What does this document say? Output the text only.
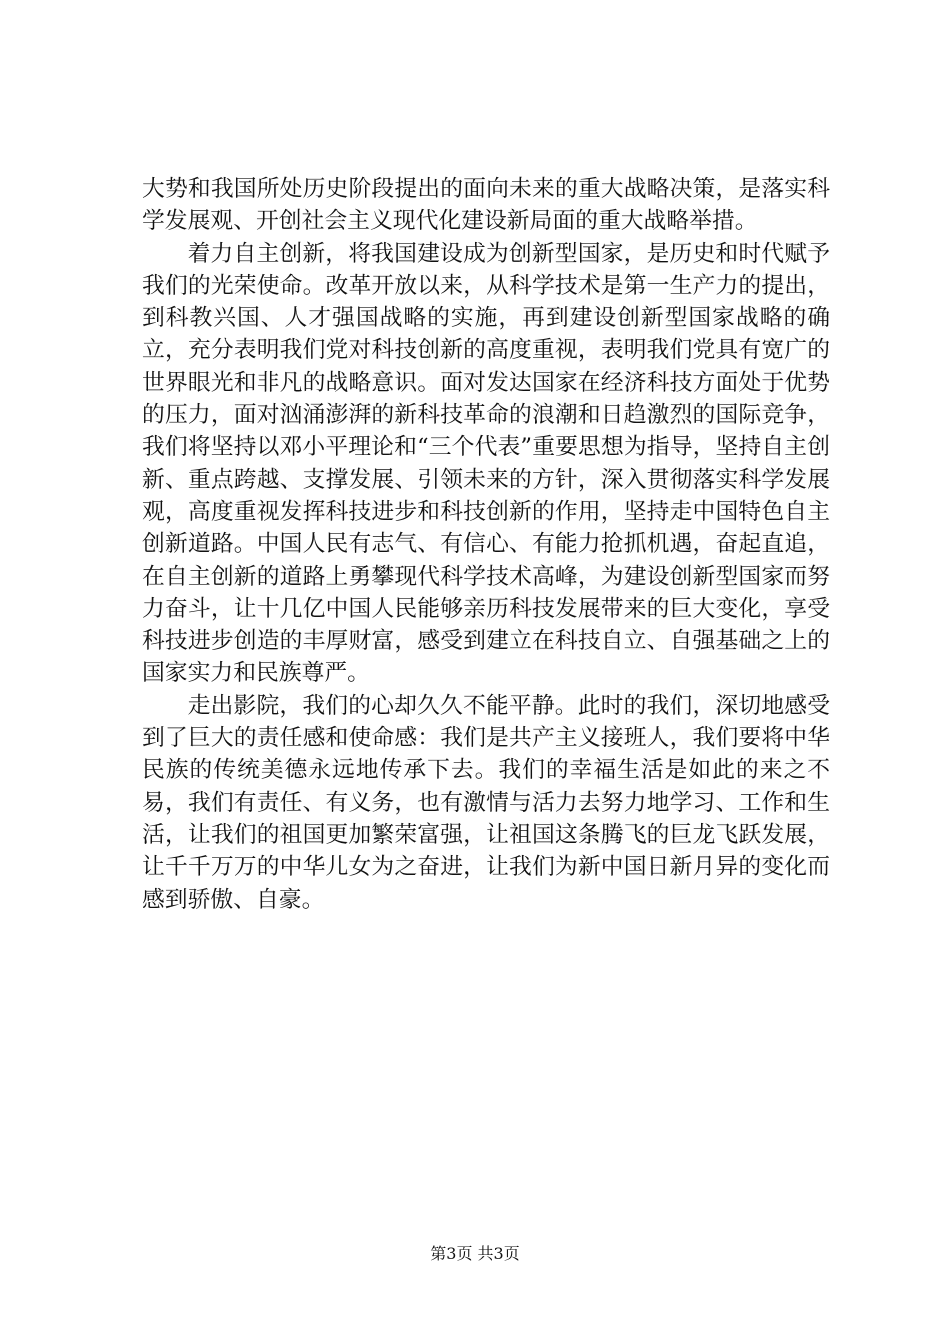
大势和我国所处历史阶段提出的面向未来的重大战略决策，是落实科学发展观、开创社会主义现代化建设新局面的重大战略举措。

着力自主创新，将我国建设成为创新型国家，是历史和时代赋予我们的光荣使命。改革开放以来，从科学技术是第一生产力的提出，到科教兴国、人才强国战略的实施，再到建设创新型国家战略的确立，充分表明我们党对科技创新的高度重视，表明我们党具有宽广的世界眼光和非凡的战略意识。面对发达国家在经济科技方面处于优势的压力，面对汹涌澎湃的新科技革命的浪潮和日趋激烈的国际竞争，我们将坚持以邓小平理论和“三个代表”重要思想为指导，坚持自主创新、重点跨越、支撑发展、引领未来的方针，深入贯彻落实科学发展观，高度重视发挥科技进步和科技创新的作用，坚持走中国特色自主创新道路。中国人民有志气、有信心、有能力抢抓机遇，奋起直追，在自主创新的道路上勇攀现代科学技术高峰，为建设创新型国家而努力奋斗，让十几亿中国人民能够亲历科技发展带来的巨大变化，享受科技进步创造的丰厚财富，感受到建立在科技自立、自强基础之上的国家实力和民族尊严。

走出影院，我们的心却久久不能平静。此时的我们，深切地感受到了巨大的责任感和使命感：我们是共产主义接班人，我们要将中华民族的传统美德永远地传承下去。我们的幸福生活是如此的来之不易，我们有责任、有义务，也有激情与活力去努力地学习、工作和生活，让我们的祖国更加繁荣富强，让祖国这条腾飞的巨龙飞跃发展，让千千万万的中华儿女为之奋进，让我们为新中国日新月异的变化而感到骄傲、自豪。

第3页 共3页
